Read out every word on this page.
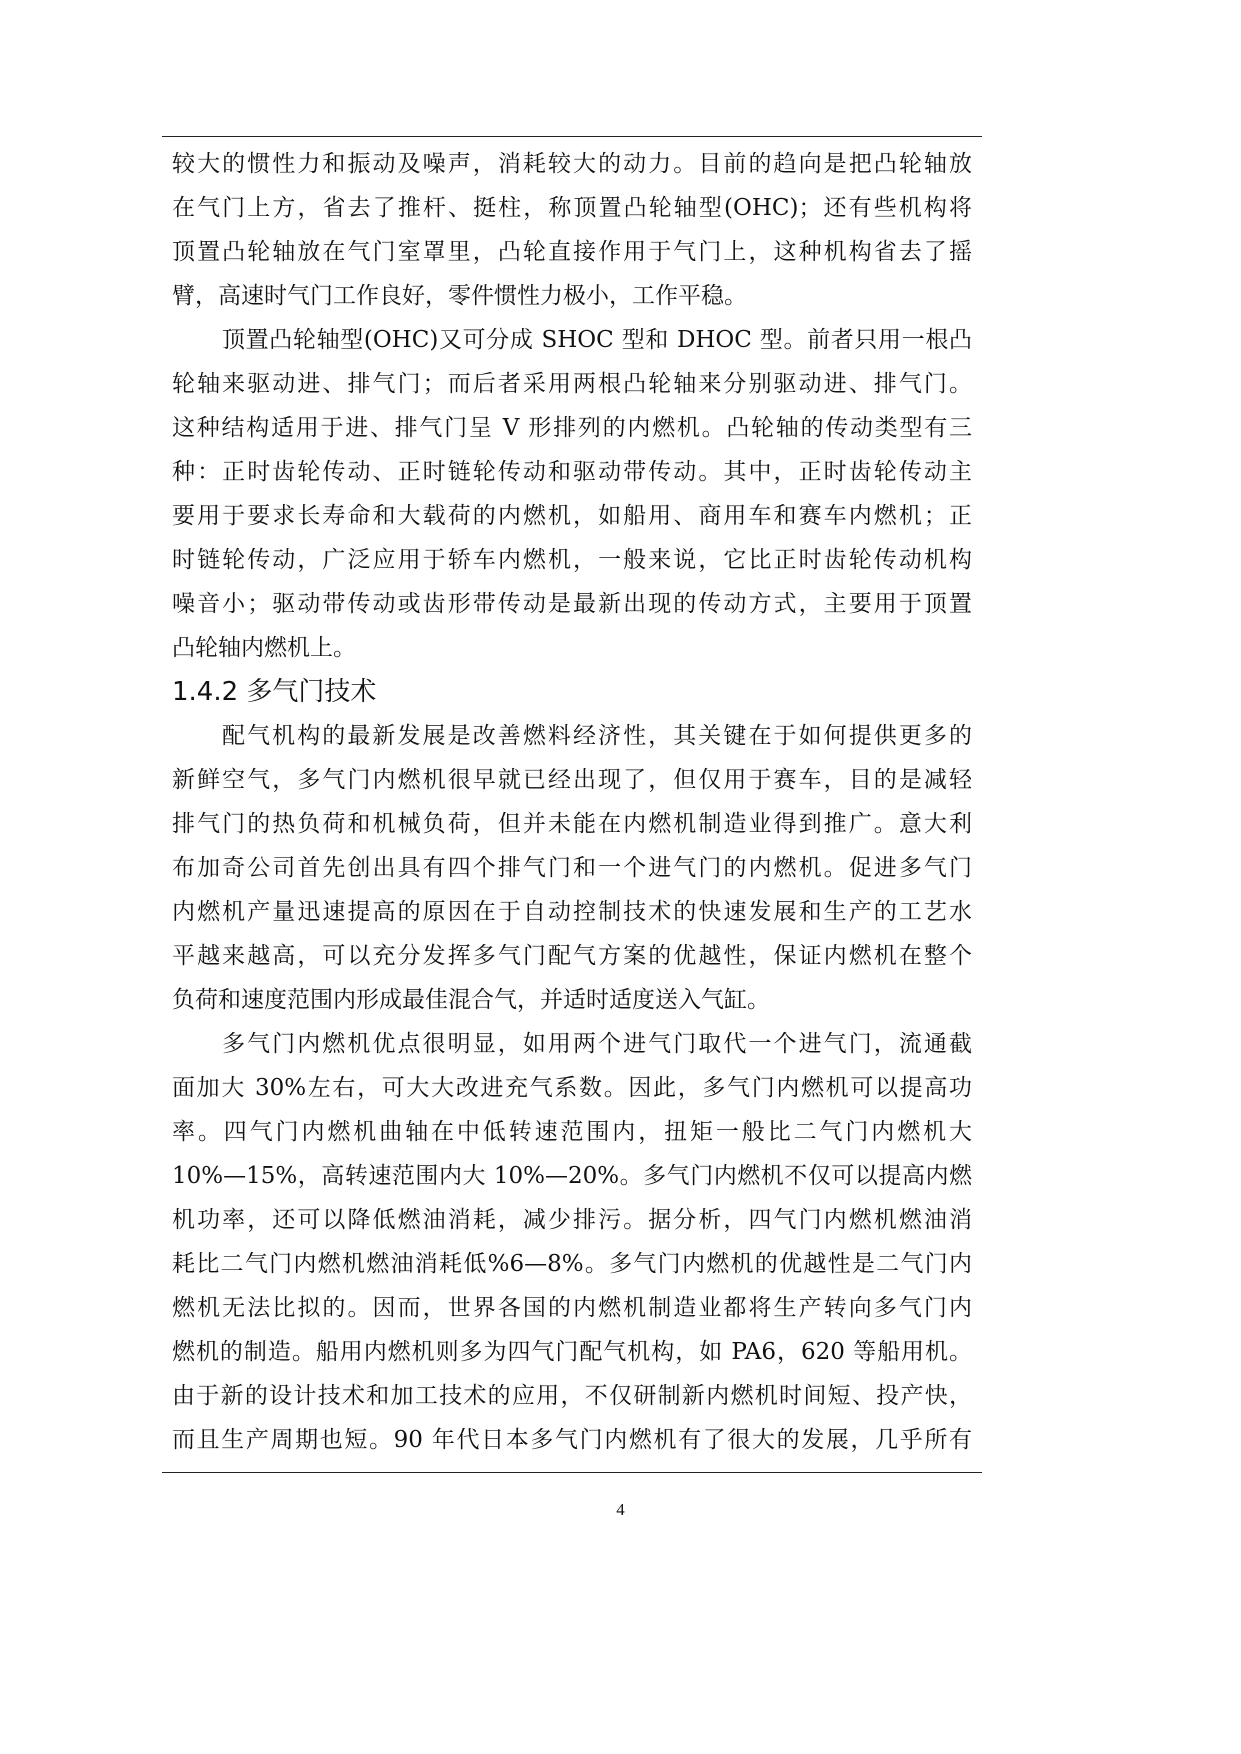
较大的惯性力和振动及噪声，消耗较大的动力。目前的趋向是把凸轮轴放
在气门上方，省去了推杆、挺柱，称顶置凸轮轴型(OHC)；还有些机构将
顶置凸轮轴放在气门室罩里，凸轮直接作用于气门上，这种机构省去了摇
臂，高速时气门工作良好，零件惯性力极小，工作平稳。
顶置凸轮轴型(OHC)又可分成 SHOC 型和 DHOC 型。前者只用一根凸
轮轴来驱动进、排气门；而后者采用两根凸轮轴来分别驱动进、排气门。
这种结构适用于进、排气门呈 V 形排列的内燃机。凸轮轴的传动类型有三
种：正时齿轮传动、正时链轮传动和驱动带传动。其中，正时齿轮传动主
要用于要求长寿命和大载荷的内燃机，如船用、商用车和赛车内燃机；正
时链轮传动，广泛应用于轿车内燃机，一般来说，它比正时齿轮传动机构
噪音小；驱动带传动或齿形带传动是最新出现的传动方式，主要用于顶置
凸轮轴内燃机上。
1.4.2 多气门技术
配气机构的最新发展是改善燃料经济性，其关键在于如何提供更多的
新鲜空气，多气门内燃机很早就已经出现了，但仅用于赛车，目的是减轻
排气门的热负荷和机械负荷，但并未能在内燃机制造业得到推广。意大利
布加奇公司首先创出具有四个排气门和一个进气门的内燃机。促进多气门
内燃机产量迅速提高的原因在于自动控制技术的快速发展和生产的工艺水
平越来越高，可以充分发挥多气门配气方案的优越性，保证内燃机在整个
负荷和速度范围内形成最佳混合气，并适时适度送入气缸。
多气门内燃机优点很明显，如用两个进气门取代一个进气门，流通截
面加大 30%左右，可大大改进充气系数。因此，多气门内燃机可以提高功
率。四气门内燃机曲轴在中低转速范围内，扭矩一般比二气门内燃机大
10%—15%，高转速范围内大 10%—20%。多气门内燃机不仅可以提高内燃
机功率，还可以降低燃油消耗，减少排污。据分析，四气门内燃机燃油消
耗比二气门内燃机燃油消耗低%6—8%。多气门内燃机的优越性是二气门内
燃机无法比拟的。因而，世界各国的内燃机制造业都将生产转向多气门内
燃机的制造。船用内燃机则多为四气门配气机构，如 PA6，620 等船用机。
由于新的设计技术和加工技术的应用，不仅研制新内燃机时间短、投产快，
而且生产周期也短。90 年代日本多气门内燃机有了很大的发展，几乎所有
4
